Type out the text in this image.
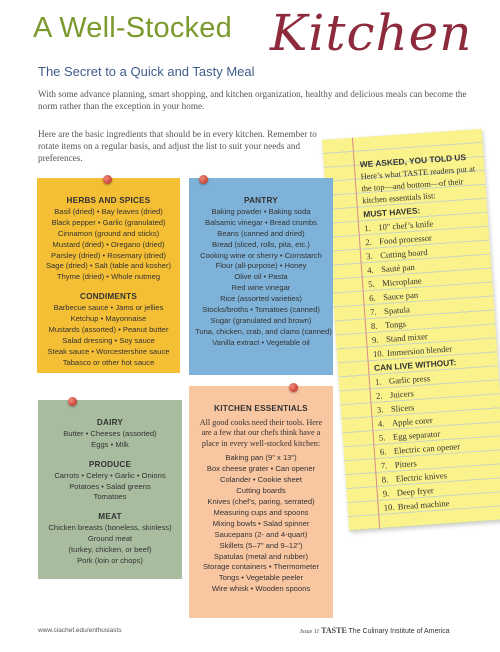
A Well-Stocked Kitchen
The Secret to a Quick and Tasty Meal
With some advance planning, smart shopping, and kitchen organization, healthy and delicious meals can become the norm rather than the exception in your home.
Here are the basic ingredients that should be in every kitchen. Remember to rotate items on a regular basis, and adjust the list to suit your needs and preferences.	WE ASKED, YOU TOLD US
Here’s what TASTE readers put at the top—and bottom—of their kitchen essentials list:
MUST HAVES:
1. 10" chef’s knife
2. Food processor
3. Cutting board
4. Sauté pan
5. Microplane
6. Sauce pan
7. Spatula
8. Tongs
9. Stand mixer
10. Immersion blender
CAN LIVE WITHOUT:
1. Garlic press
2. Juicers
3. Slicers
4. Apple corer
5. Egg separator
6. Electric can opener
7. Pitters
8. Electric knives
9. Deep fryer
10. Bread machine
HERBS AND SPICES
Basil (dried) • Bay leaves (dried)
Black pepper • Garlic (granulated)
Cinnamon (ground and sticks)
Mustard (dried) • Oregano (dried)
Parsley (dried) • Rosemary (dried)
Sage (dried) • Salt (table and kosher)
Thyme (dried) • Whole nutmeg
CONDIMENTS
Barbecue sauce • Jams or jellies
Ketchup • Mayonnaise
Mustards (assorted) • Peanut butter
Salad dressing • Soy sauce
Steak sauce • Worcestershire sauce
Tabasco or other hot sauce
PANTRY
Baking powder • Baking soda
Balsamic vinegar • Bread crumbs
Beans (canned and dried)
Bread (sliced, rolls, pita, etc.)
Cooking wine or sherry • Cornstarch
Flour (all-purpose) • Honey
Olive oil • Pasta
Red wine vinegar
Rice (assorted varieties)
Stocks/broths • Tomatoes (canned)
Sugar (granulated and brown)
Tuna, chicken, crab, and clams (canned)
Vanilla extract • Vegetable oil
DAIRY
Butter • Cheeses (assorted)
Eggs • Milk
PRODUCE
Carrots • Celery • Garlic • Onions
Potatoes • Salad greens
Tomatoes
MEAT
Chicken breasts (boneless, skinless)
Ground meat
(turkey, chicken, or beef)
Pork (loin or chops)
KITCHEN ESSENTIALS
All good cooks need their tools. Here are a few that our chefs think have a place in every well-stocked kitchen:
Baking pan (9" x 13")
Box cheese grater • Can opener
Colander • Cookie sheet
Cutting boards
Knives (chef’s, paring, serrated)
Measuring cups and spoons
Mixing bowls • Salad spinner
Saucepans (2- and 4-quart)
Skillets (5–7" and 9–12")
Spatulas (metal and rubber)
Storage containers • Thermometer
Tongs • Vegetable peeler
Wire whisk • Wooden spoons
www.ciachef.edu/enthusiasts	Issue 11 TASTE The Culinary Institute of America
